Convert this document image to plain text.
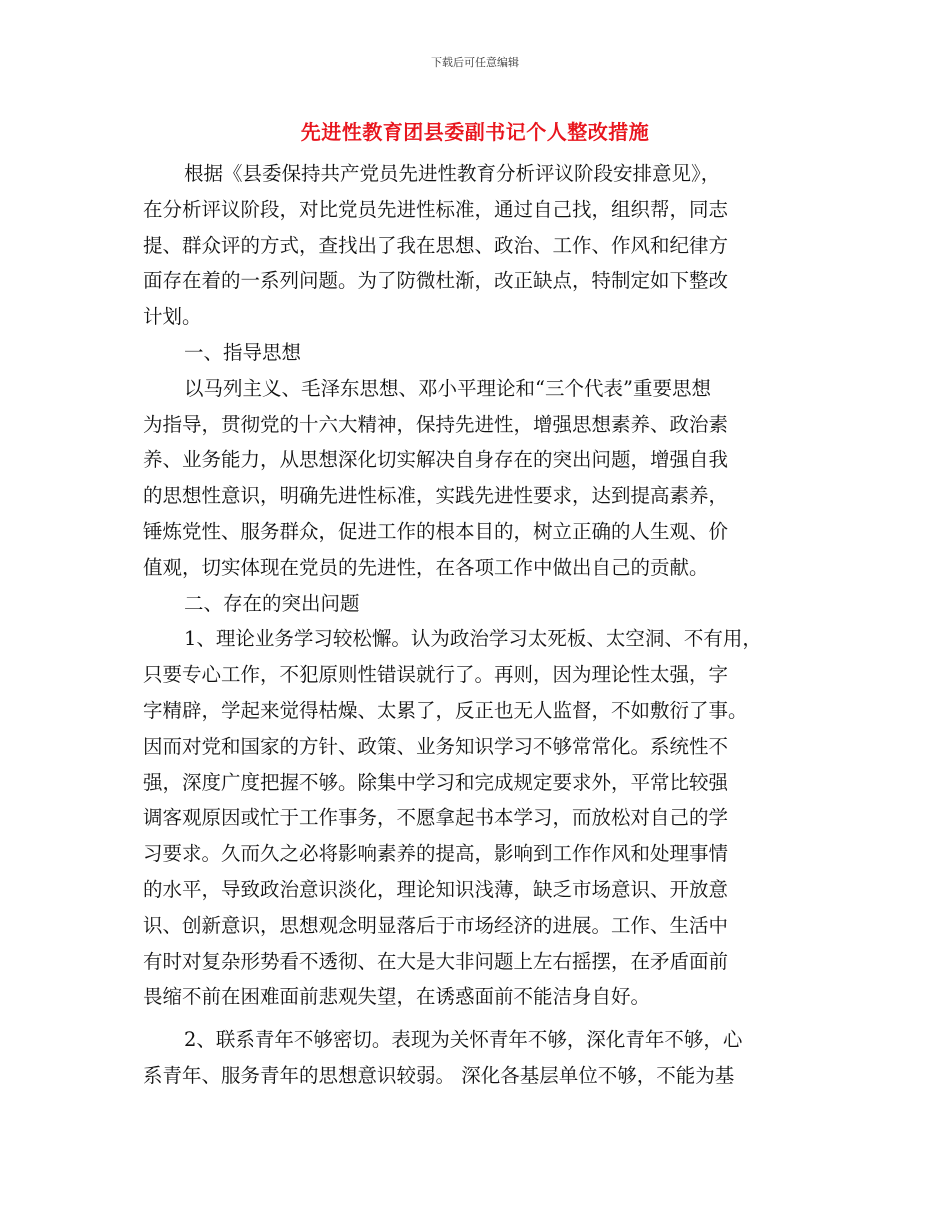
下载后可任意编辑
先进性教育团县委副书记个人整改措施
根据《县委保持共产党员先进性教育分析评议阶段安排意见》，
在分析评议阶段，对比党员先进性标准，通过自己找，组织帮，同志
提、群众评的方式，查找出了我在思想、政治、工作、作风和纪律方
面存在着的一系列问题。为了防微杜渐，改正缺点，特制定如下整改
计划。
一、指导思想
以马列主义、毛泽东思想、邓小平理论和“三个代表”重要思想
为指导，贯彻党的十六大精神，保持先进性，增强思想素养、政治素
养、业务能力，从思想深化切实解决自身存在的突出问题，增强自我
的思想性意识，明确先进性标准，实践先进性要求，达到提高素养，
锤炼党性、服务群众，促进工作的根本目的，树立正确的人生观、价
值观，切实体现在党员的先进性，在各项工作中做出自己的贡献。
二、存在的突出问题
1、理论业务学习较松懈。认为政治学习太死板、太空洞、不有用，
只要专心工作，不犯原则性错误就行了。再则，因为理论性太强，字
字精辟，学起来觉得枯燥、太累了，反正也无人监督，不如敷衍了事。
因而对党和国家的方针、政策、业务知识学习不够常常化。系统性不
强，深度广度把握不够。除集中学习和完成规定要求外，平常比较强
调客观原因或忙于工作事务，不愿拿起书本学习，而放松对自己的学
习要求。久而久之必将影响素养的提高，影响到工作作风和处理事情
的水平，导致政治意识淡化，理论知识浅薄，缺乏市场意识、开放意
识、创新意识，思想观念明显落后于市场经济的进展。工作、生活中
有时对复杂形势看不透彻、在大是大非问题上左右摇摆，在矛盾面前
畏缩不前在困难面前悲观失望，在诱惑面前不能洁身自好。
2、联系青年不够密切。表现为关怀青年不够，深化青年不够，心
系青年、服务青年的思想意识较弱。 深化各基层单位不够，不能为基
